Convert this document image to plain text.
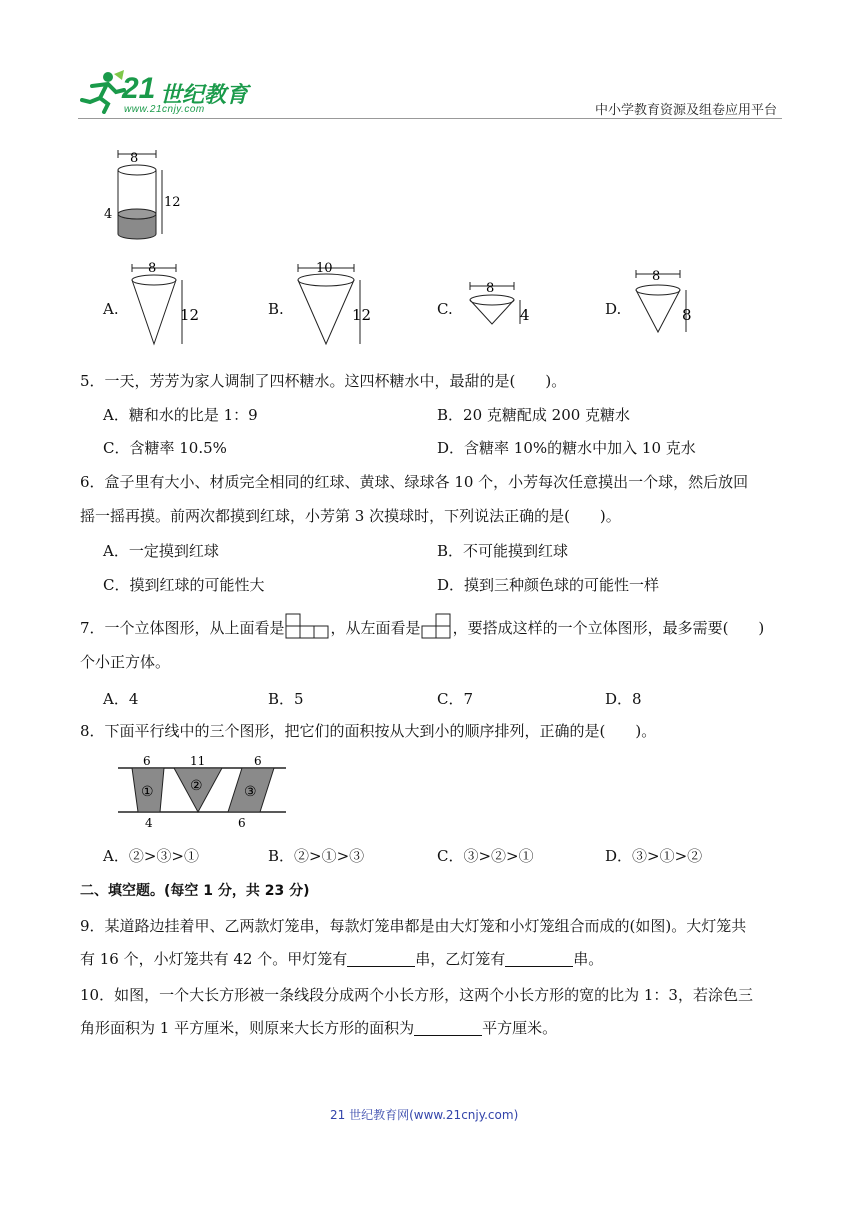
21 世纪教育
www.21cnjy.com	中小学教育资源及组卷应用平台
8
12
4
A.
8
12	B.
10
12	C.
8
4	D.
8
8
5．一天，芳芳为家人调制了四杯糖水。这四杯糖水中，最甜的是(　　)。
A．糖和水的比是 1：9	B．20 克糖配成 200 克糖水
C．含糖率 10.5%	D．含糖率 10%的糖水中加入 10 克水
6．盒子里有大小、材质完全相同的红球、黄球、绿球各 10 个，小芳每次任意摸出一个球，然后放回
摇一摇再摸。前两次都摸到红球，小芳第 3 次摸球时，下列说法正确的是(　　)。
A．一定摸到红球	B．不可能摸到红球
C．摸到红球的可能性大	D．摸到三种颜色球的可能性一样
7．一个立体图形，从上面看是	，从左面看是 ，要搭成这样的一个立体图形，最多需要(　　)
个小正方体。
A．4	B．5	C．7	D．8
8．下面平行线中的三个图形，把它们的面积按从大到小的顺序排列，正确的是(　　)。
6	11	6
4	6
①	②	③
A．②>③>①	B．②>①>③	C．③>②>①	D．③>①>②
二、填空题。(每空 1 分，共 23 分)
9．某道路边挂着甲、乙两款灯笼串，每款灯笼串都是由大灯笼和小灯笼组合而成的(如图)。大灯笼共
有 16 个，小灯笼共有 42 个。甲灯笼有	串，乙灯笼有	串。
10．如图，一个大长方形被一条线段分成两个小长方形，这两个小长方形的宽的比为 1：3，若涂色三
角形面积为 1 平方厘米，则原来大长方形的面积为	平方厘米。
21 世纪教育网(www.21cnjy.com)
